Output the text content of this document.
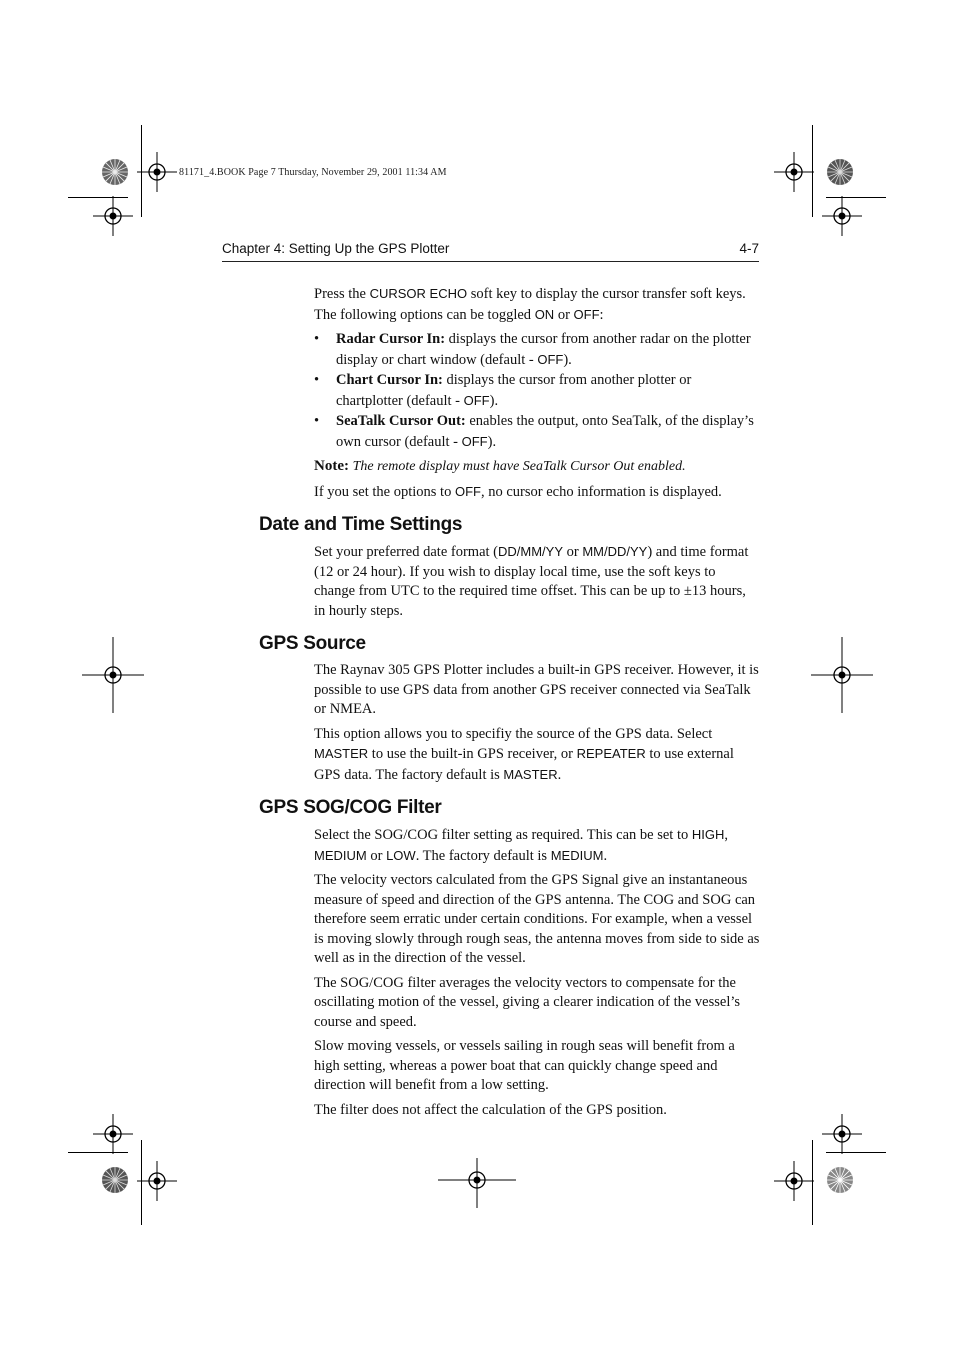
81171_4.BOOK Page 7 Thursday, November 29, 2001 11:34 AM
Chapter 4: Setting Up the GPS Plotter	4-7

Press the CURSOR ECHO soft key to display the cursor transfer soft keys. The following options can be toggled ON or OFF:

• Radar Cursor In: displays the cursor from another radar on the plotter display or chart window (default - OFF).
• Chart Cursor In: displays the cursor from another plotter or chartplotter (default - OFF).
• SeaTalk Cursor Out: enables the output, onto SeaTalk, of the display’s own cursor (default - OFF).

Note: The remote display must have SeaTalk Cursor Out enabled.

If you set the options to OFF, no cursor echo information is displayed.

Date and Time Settings

Set your preferred date format (DD/MM/YY or MM/DD/YY) and time format (12 or 24 hour). If you wish to display local time, use the soft keys to change from UTC to the required time offset. This can be up to ±13 hours, in hourly steps.

GPS Source

The Raynav 305 GPS Plotter includes a built-in GPS receiver. However, it is possible to use GPS data from another GPS receiver connected via SeaTalk or NMEA.

This option allows you to specifiy the source of the GPS data. Select MASTER to use the built-in GPS receiver, or REPEATER to use external GPS data. The factory default is MASTER.

GPS SOG/COG Filter

Select the SOG/COG filter setting as required. This can be set to HIGH, MEDIUM or LOW. The factory default is MEDIUM.

The velocity vectors calculated from the GPS Signal give an instantaneous measure of speed and direction of the GPS antenna. The COG and SOG can therefore seem erratic under certain conditions. For example, when a vessel is moving slowly through rough seas, the antenna moves from side to side as well as in the direction of the vessel.

The SOG/COG filter averages the velocity vectors to compensate for the oscillating motion of the vessel, giving a clearer indication of the vessel’s course and speed.

Slow moving vessels, or vessels sailing in rough seas will benefit from a high setting, whereas a power boat that can quickly change speed and direction will benefit from a low setting.

The filter does not affect the calculation of the GPS position.
